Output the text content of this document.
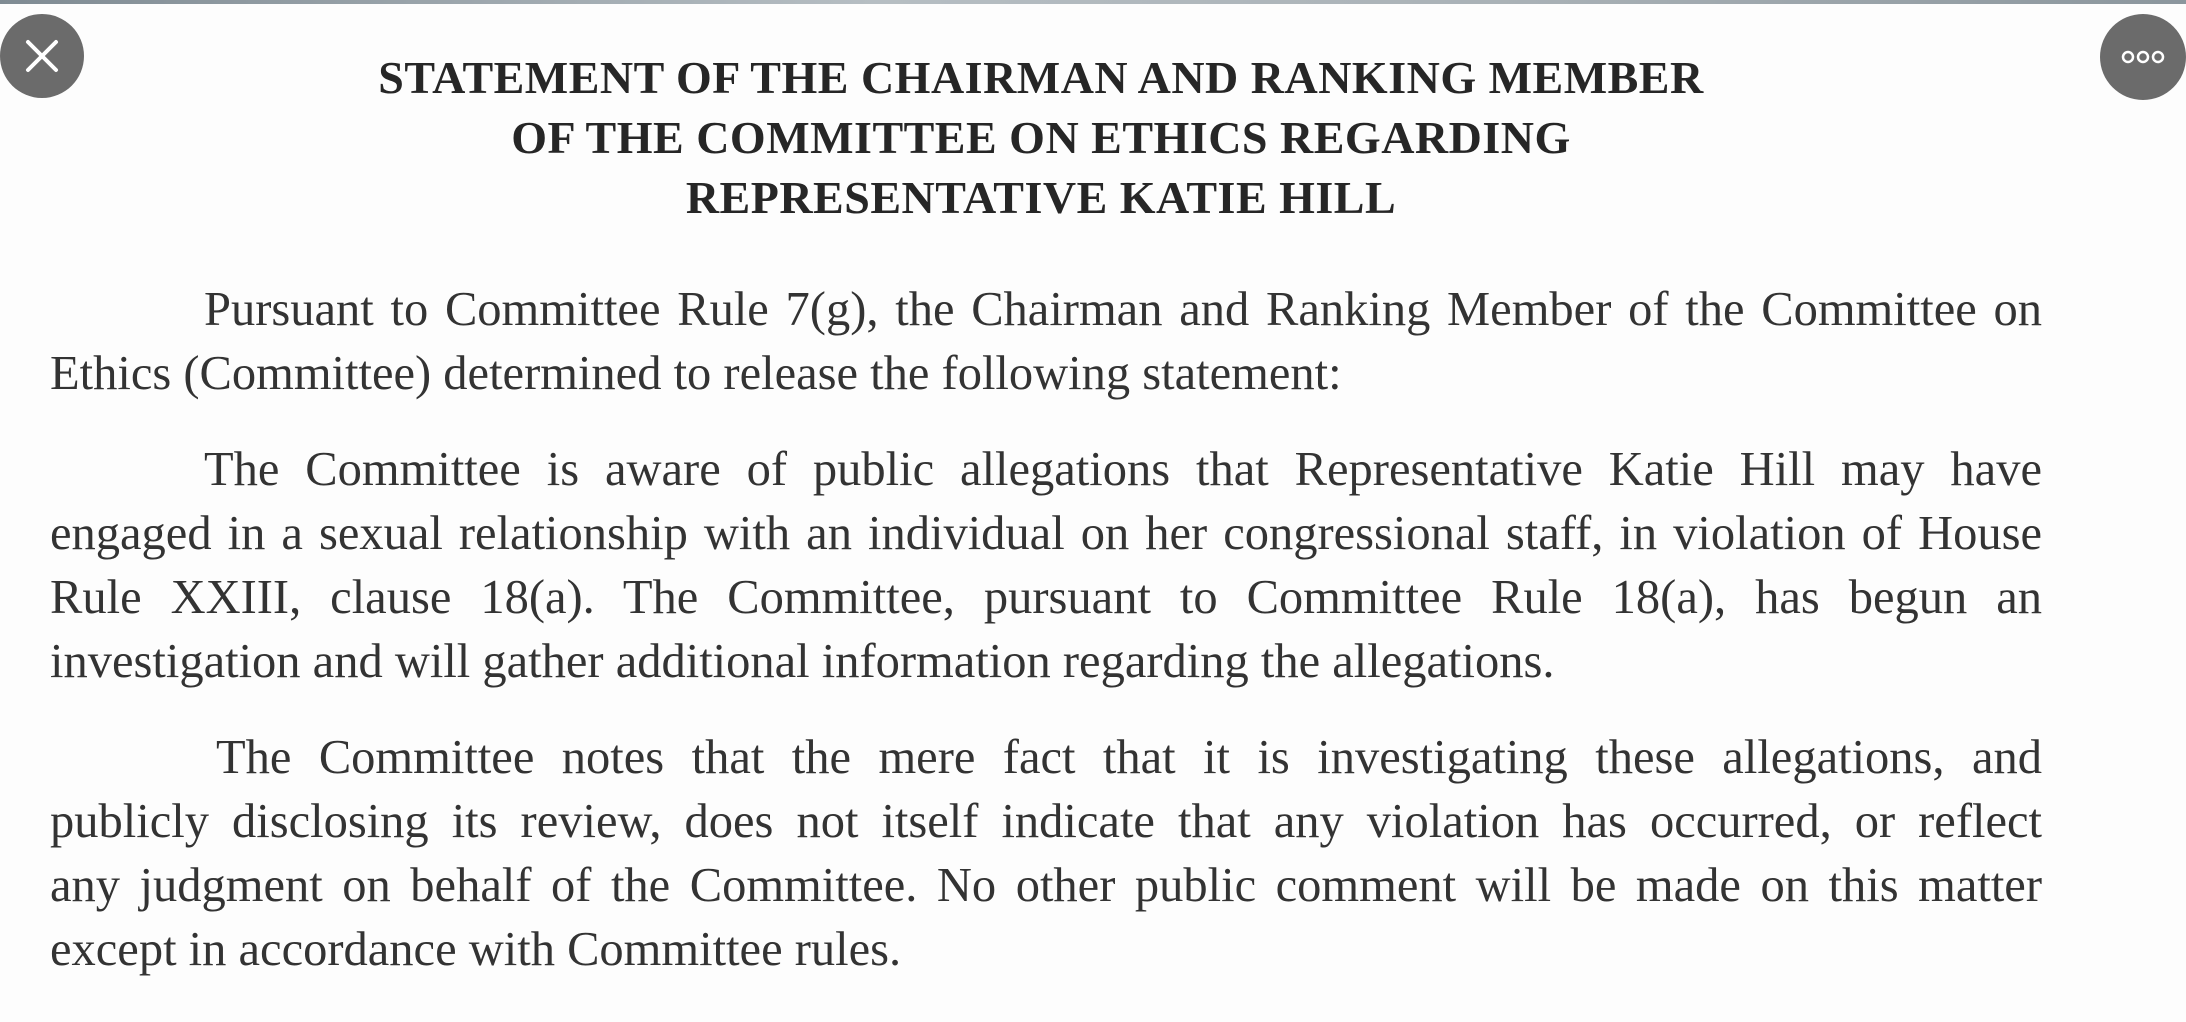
STATEMENT OF THE CHAIRMAN AND RANKING MEMBER
OF THE COMMITTEE ON ETHICS REGARDING
REPRESENTATIVE KATIE HILL
Pursuant to Committee Rule 7(g), the Chairman and Ranking Member of the Committee on
Ethics (Committee) determined to release the following statement:
The Committee is aware of public allegations that Representative Katie Hill may have
engaged in a sexual relationship with an individual on her congressional staff, in violation of House
Rule XXIII, clause 18(a). The Committee, pursuant to Committee Rule 18(a), has begun an
investigation and will gather additional information regarding the allegations.
The Committee notes that the mere fact that it is investigating these allegations, and
publicly disclosing its review, does not itself indicate that any violation has occurred, or reflect
any judgment on behalf of the Committee. No other public comment will be made on this matter
except in accordance with Committee rules.
